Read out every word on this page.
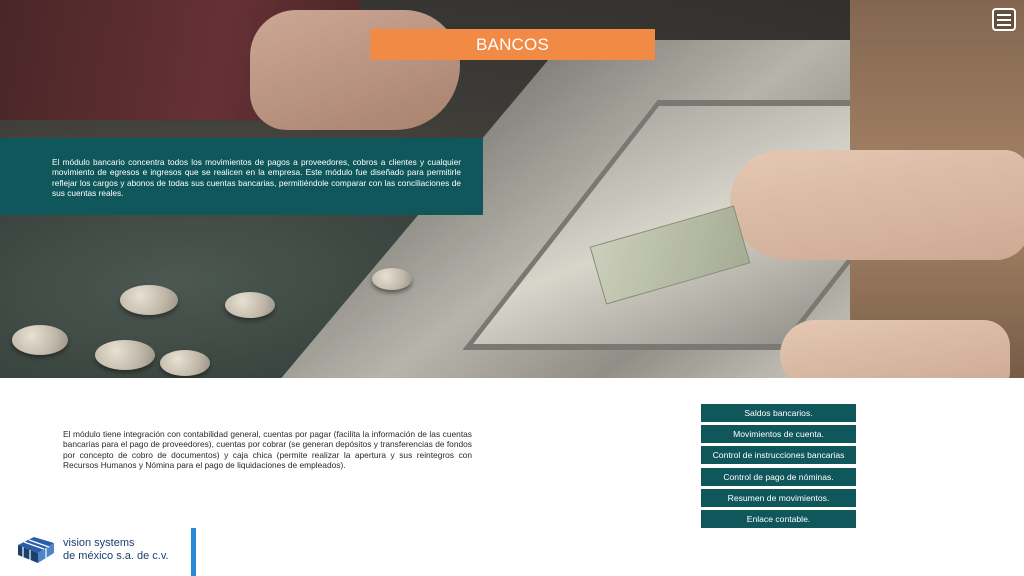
BANCOS

El módulo bancario concentra todos los movimientos de pagos a proveedores, cobros a clientes y cualquier movimiento de egresos e ingresos que se realicen en la empresa. Este módulo fue diseñado para permitirle reflejar los cargos y abonos de todas sus cuentas bancarias, permitiéndole comparar con las conciliaciones de sus cuentas reales.

El módulo tiene integración con contabilidad general, cuentas por pagar (facilita la información de las cuentas bancarias para el pago de proveedores), cuentas por cobrar (se generan depósitos y transferencias de fondos por concepto de cobro de documentos) y caja chica (permite realizar la apertura y sus reintegros con Recursos Humanos y Nómina para el pago de liquidaciones de empleados).

Saldos bancarios.
Movimientos de cuenta.
Control de instrucciones bancarias
Control de pago de nóminas.
Resumen de movimientos.
Enlace contable.
vision systems
de méxico s.a. de c.v.
